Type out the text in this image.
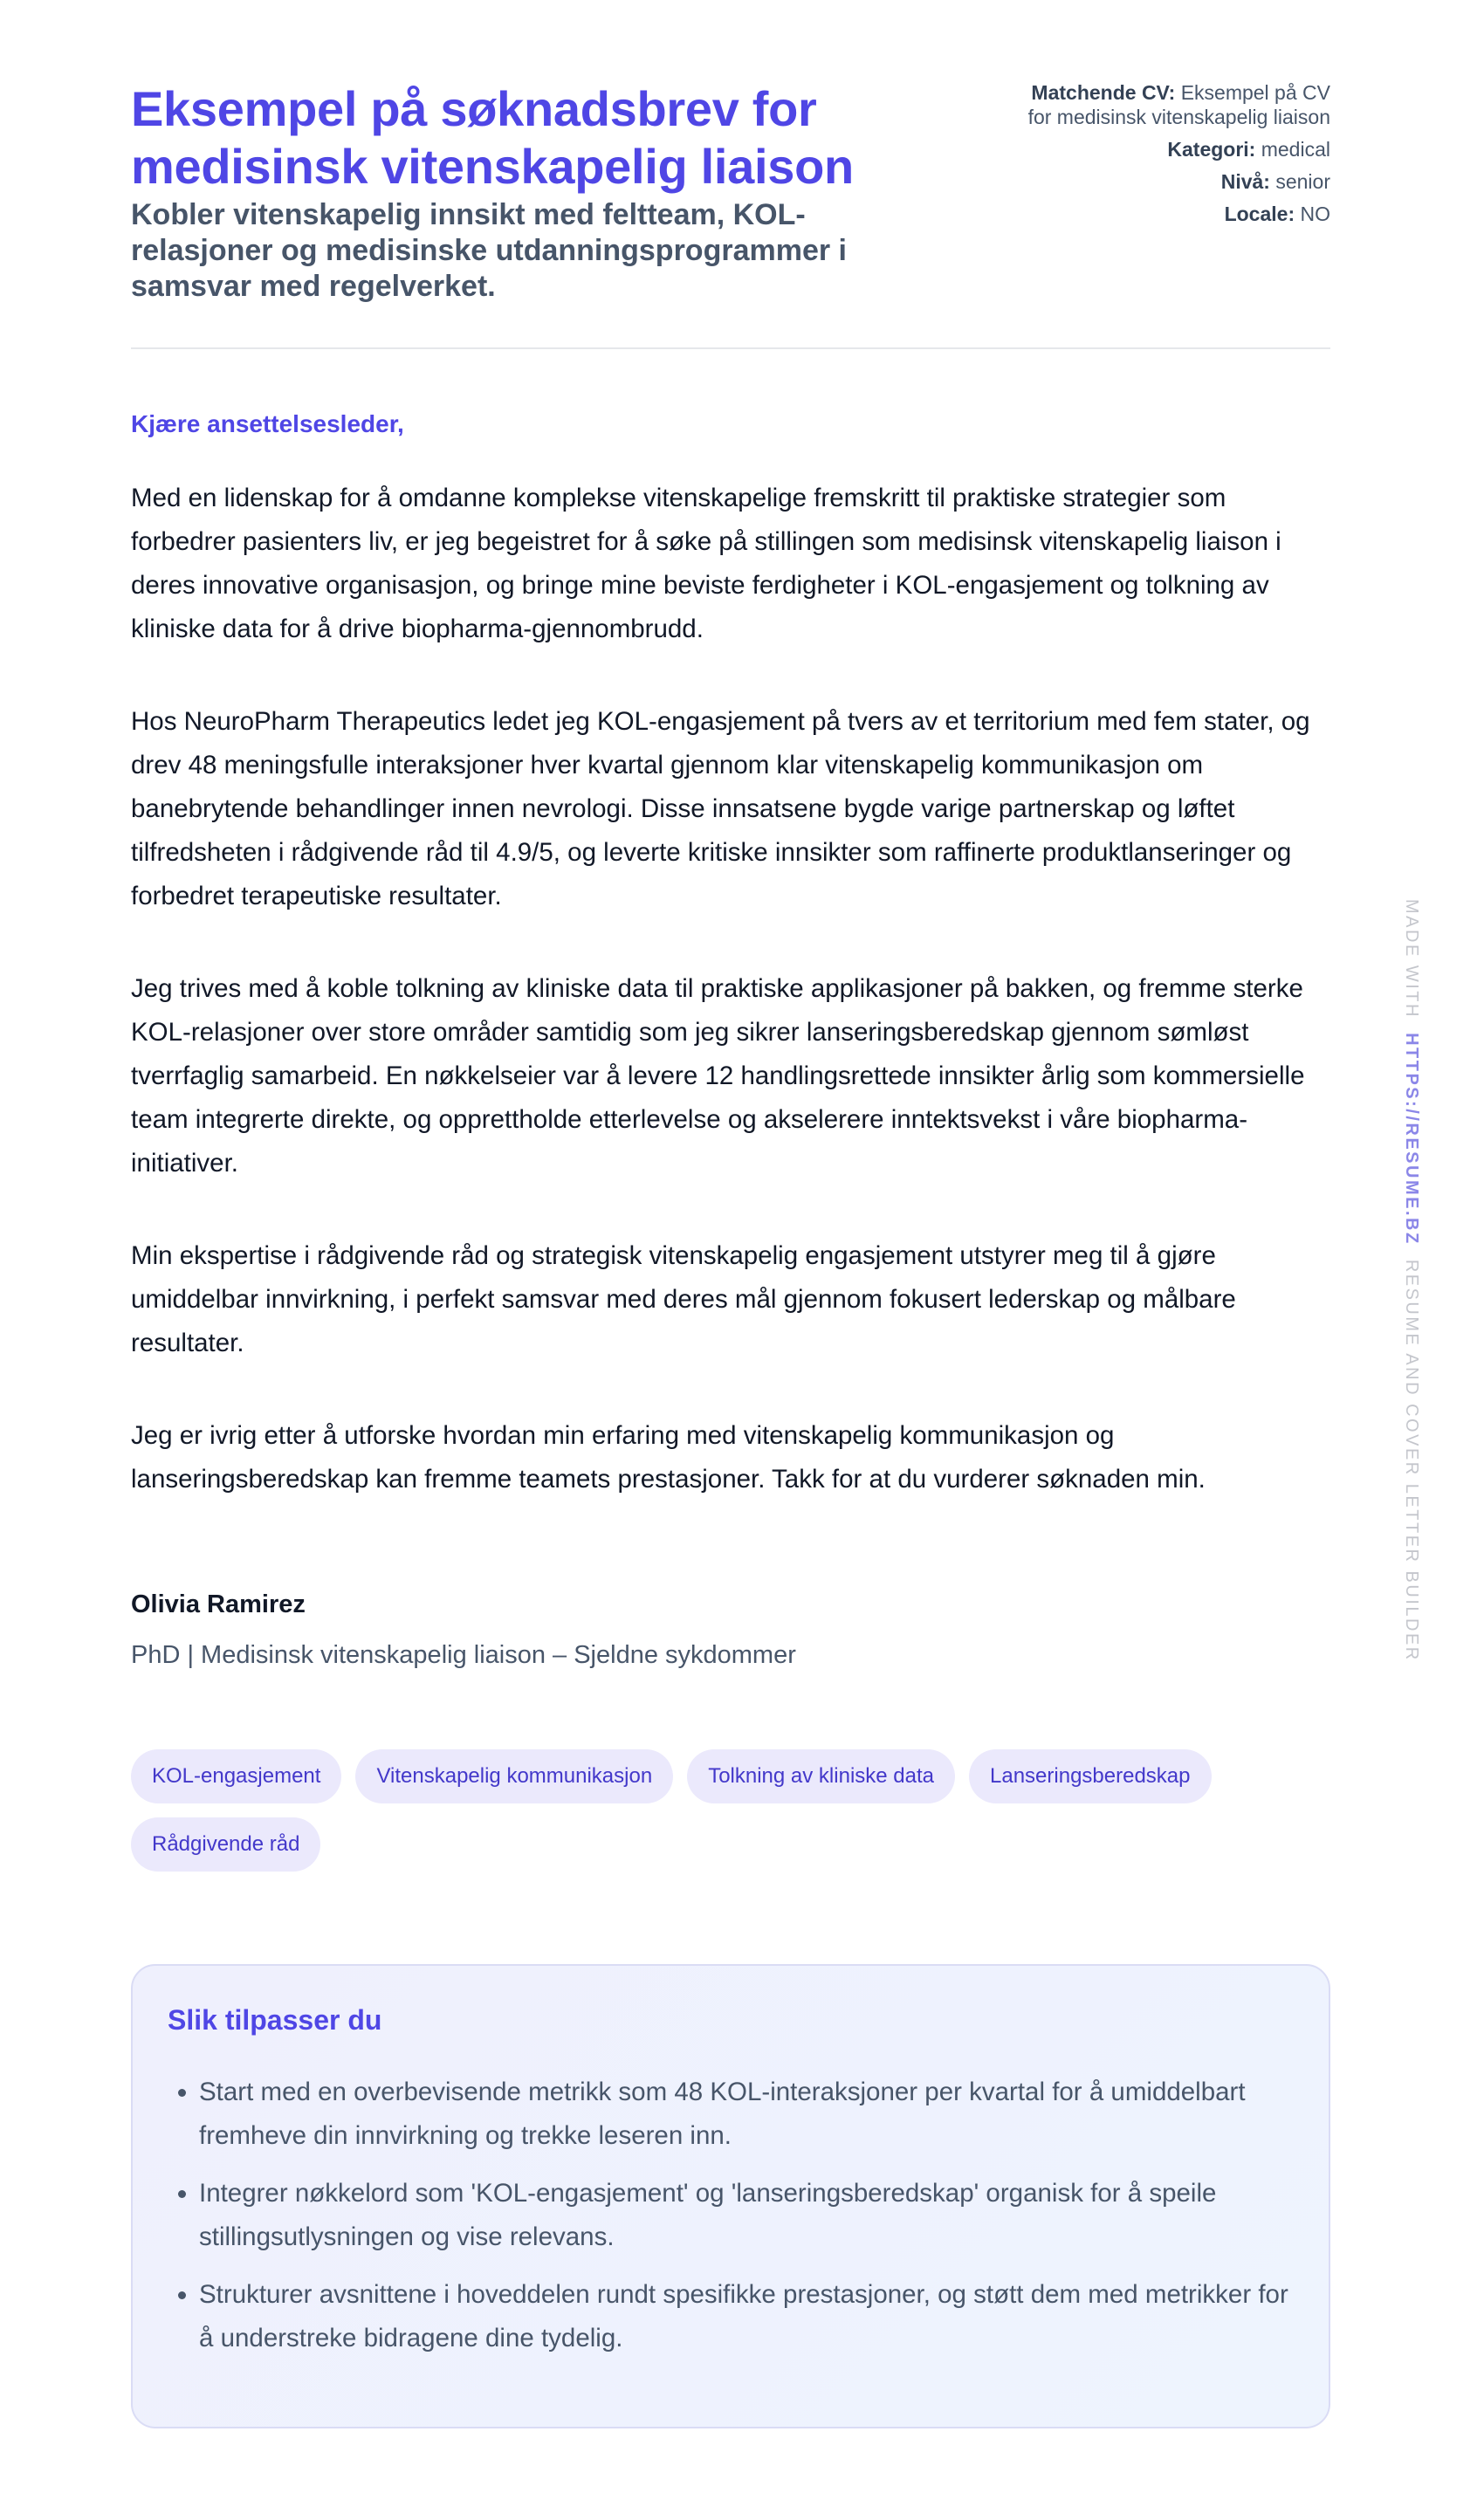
Eksempel på søknadsbrev for medisinsk vitenskapelig liaison
Kobler vitenskapelig innsikt med feltteam, KOL-relasjoner og medisinske utdanningsprogrammer i samsvar med regelverket.
Matchende CV: Eksempel på CV for medisinsk vitenskapelig liaison
Kategori: medical
Nivå: senior
Locale: NO

Kjære ansettelsesleder,

Med en lidenskap for å omdanne komplekse vitenskapelige fremskritt til praktiske strategier som forbedrer pasienters liv, er jeg begeistret for å søke på stillingen som medisinsk vitenskapelig liaison i deres innovative organisasjon, og bringe mine beviste ferdigheter i KOL-engasjement og tolkning av kliniske data for å drive biopharma-gjennombrudd.

Hos NeuroPharm Therapeutics ledet jeg KOL-engasjement på tvers av et territorium med fem stater, og drev 48 meningsfulle interaksjoner hver kvartal gjennom klar vitenskapelig kommunikasjon om banebrytende behandlinger innen nevrologi. Disse innsatsene bygde varige partnerskap og løftet tilfredsheten i rådgivende råd til 4.9/5, og leverte kritiske innsikter som raffinerte produktlanseringer og forbedret terapeutiske resultater.

Jeg trives med å koble tolkning av kliniske data til praktiske applikasjoner på bakken, og fremme sterke KOL-relasjoner over store områder samtidig som jeg sikrer lanseringsberedskap gjennom sømløst tverrfaglig samarbeid. En nøkkelseier var å levere 12 handlingsrettede innsikter årlig som kommersielle team integrerte direkte, og opprettholde etterlevelse og akselerere inntektsvekst i våre biopharma-initiativer.

Min ekspertise i rådgivende råd og strategisk vitenskapelig engasjement utstyrer meg til å gjøre umiddelbar innvirkning, i perfekt samsvar med deres mål gjennom fokusert lederskap og målbare resultater.

Jeg er ivrig etter å utforske hvordan min erfaring med vitenskapelig kommunikasjon og lanseringsberedskap kan fremme teamets prestasjoner. Takk for at du vurderer søknaden min.

Olivia Ramirez
PhD | Medisinsk vitenskapelig liaison – Sjeldne sykdommer
KOL-engasjement	Vitenskapelig kommunikasjon	Tolkning av kliniske data	Lanseringsberedskap
Rådgivende råd
Slik tilpasser du
• Start med en overbevisende metrikk som 48 KOL-interaksjoner per kvartal for å umiddelbart fremheve din innvirkning og trekke leseren inn.
• Integrer nøkkelord som 'KOL-engasjement' og 'lanseringsberedskap' organisk for å speile stillingsutlysningen og vise relevans.
• Strukturer avsnittene i hoveddelen rundt spesifikke prestasjoner, og støtt dem med metrikker for å understreke bidragene dine tydelig.
MADE WITH  HTTPS://RESUME.BZ  RESUME AND COVER LETTER BUILDER
